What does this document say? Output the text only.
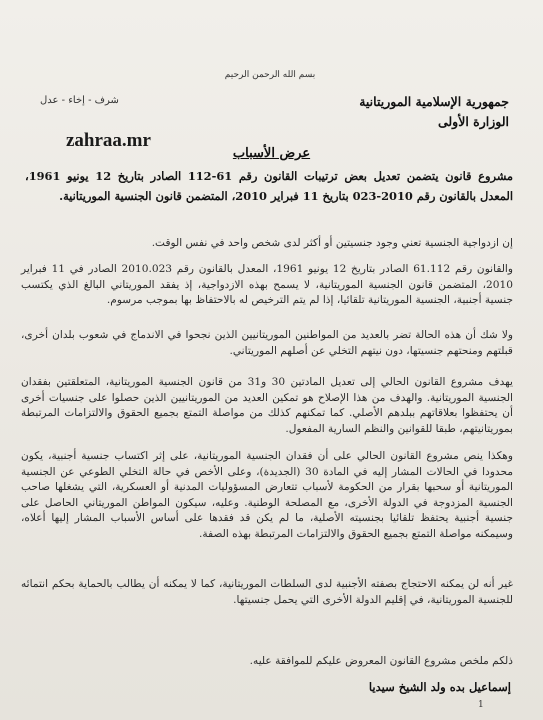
بسم الله الرحمن الرحيم
شرف - إخاء - عدل	جمهورية الإسلامية الموريتانية
الوزارة الأولى
zahraa.mr
عرض الأسباب
مشروع قانون يتضمن تعديل بعض ترتيبات القانون رقم 61-112 الصادر بتاريخ 12 يونيو 1961، المعدل بالقانون رقم 2010-023 بتاريخ 11 فبراير 2010، المتضمن قانون الجنسية الموريتانية.
إن ازدواجية الجنسية تعني وجود جنسيتين أو أكثر لدى شخص واحد في نفس الوقت.
والقانون رقم 61.112 الصادر بتاريخ 12 يونيو 1961، المعدل بالقانون رقم 2010.023 الصادر في 11 فبراير 2010، المتضمن قانون الجنسية الموريتانية، لا يسمح بهذه الازدواجية، إذ يفقد الموريتاني البالغ الذي يكتسب جنسية أجنبية، الجنسية الموريتانية تلقائيا، إذا لم يتم الترخيص له بالاحتفاظ بها بموجب مرسوم.
ولا شك أن هذه الحالة تضر بالعديد من المواطنين الموريتانيين الذين نجحوا في الاندماج في شعوب بلدان أخرى، قبلتهم ومنحتهم جنسيتها، دون نيتهم التخلي عن أصلهم الموريتاني.
يهدف مشروع القانون الحالي إلى تعديل المادتين 30 و31 من قانون الجنسية الموريتانية، المتعلقتين بفقدان الجنسية الموريتانية. والهدف من هذا الإصلاح هو تمكين العديد من الموريتانيين الذين حصلوا على جنسيات أخرى أن يحتفظوا بعلاقاتهم ببلدهم الأصلي. كما تمكنهم كذلك من مواصلة التمتع بجميع الحقوق والالتزامات المرتبطة بموريتانيتهم، طبقا للقوانين والنظم السارية المفعول.
وهكذا ينص مشروع القانون الحالي على أن فقدان الجنسية الموريتانية، على إثر اكتساب جنسية أجنبية، يكون محدودا في الحالات المشار إليه في المادة 30 (الجديدة)، وعلى الأخص في حالة التخلي الطوعي عن الجنسية الموريتانية أو سحبها بقرار من الحكومة لأسباب تتعارض المسؤوليات المدنية أو العسكرية، التي يشغلها صاحب الجنسية المزدوجة في الدولة الأخرى، مع المصلحة الوطنية. وعليه، سيكون المواطن الموريتاني الحاصل على جنسية أجنبية يحتفظ تلقائيا بجنسيته الأصلية، ما لم يكن قد فقدها على أساس الأسباب المشار إليها أعلاه، وسيمكنه مواصلة التمتع بجميع الحقوق والالتزامات المرتبطة بهذه الصفة.
غير أنه لن يمكنه الاحتجاج بصفته الأجنبية لدى السلطات الموريتانية، كما لا يمكنه أن يطالب بالحماية بحكم انتمائه للجنسية الموريتانية، في إقليم الدولة الأخرى التي يحمل جنسيتها.
ذلكم ملخص مشروع القانون المعروض عليكم للموافقة عليه.
إسماعيل بده ولد الشيخ سيديا
1
